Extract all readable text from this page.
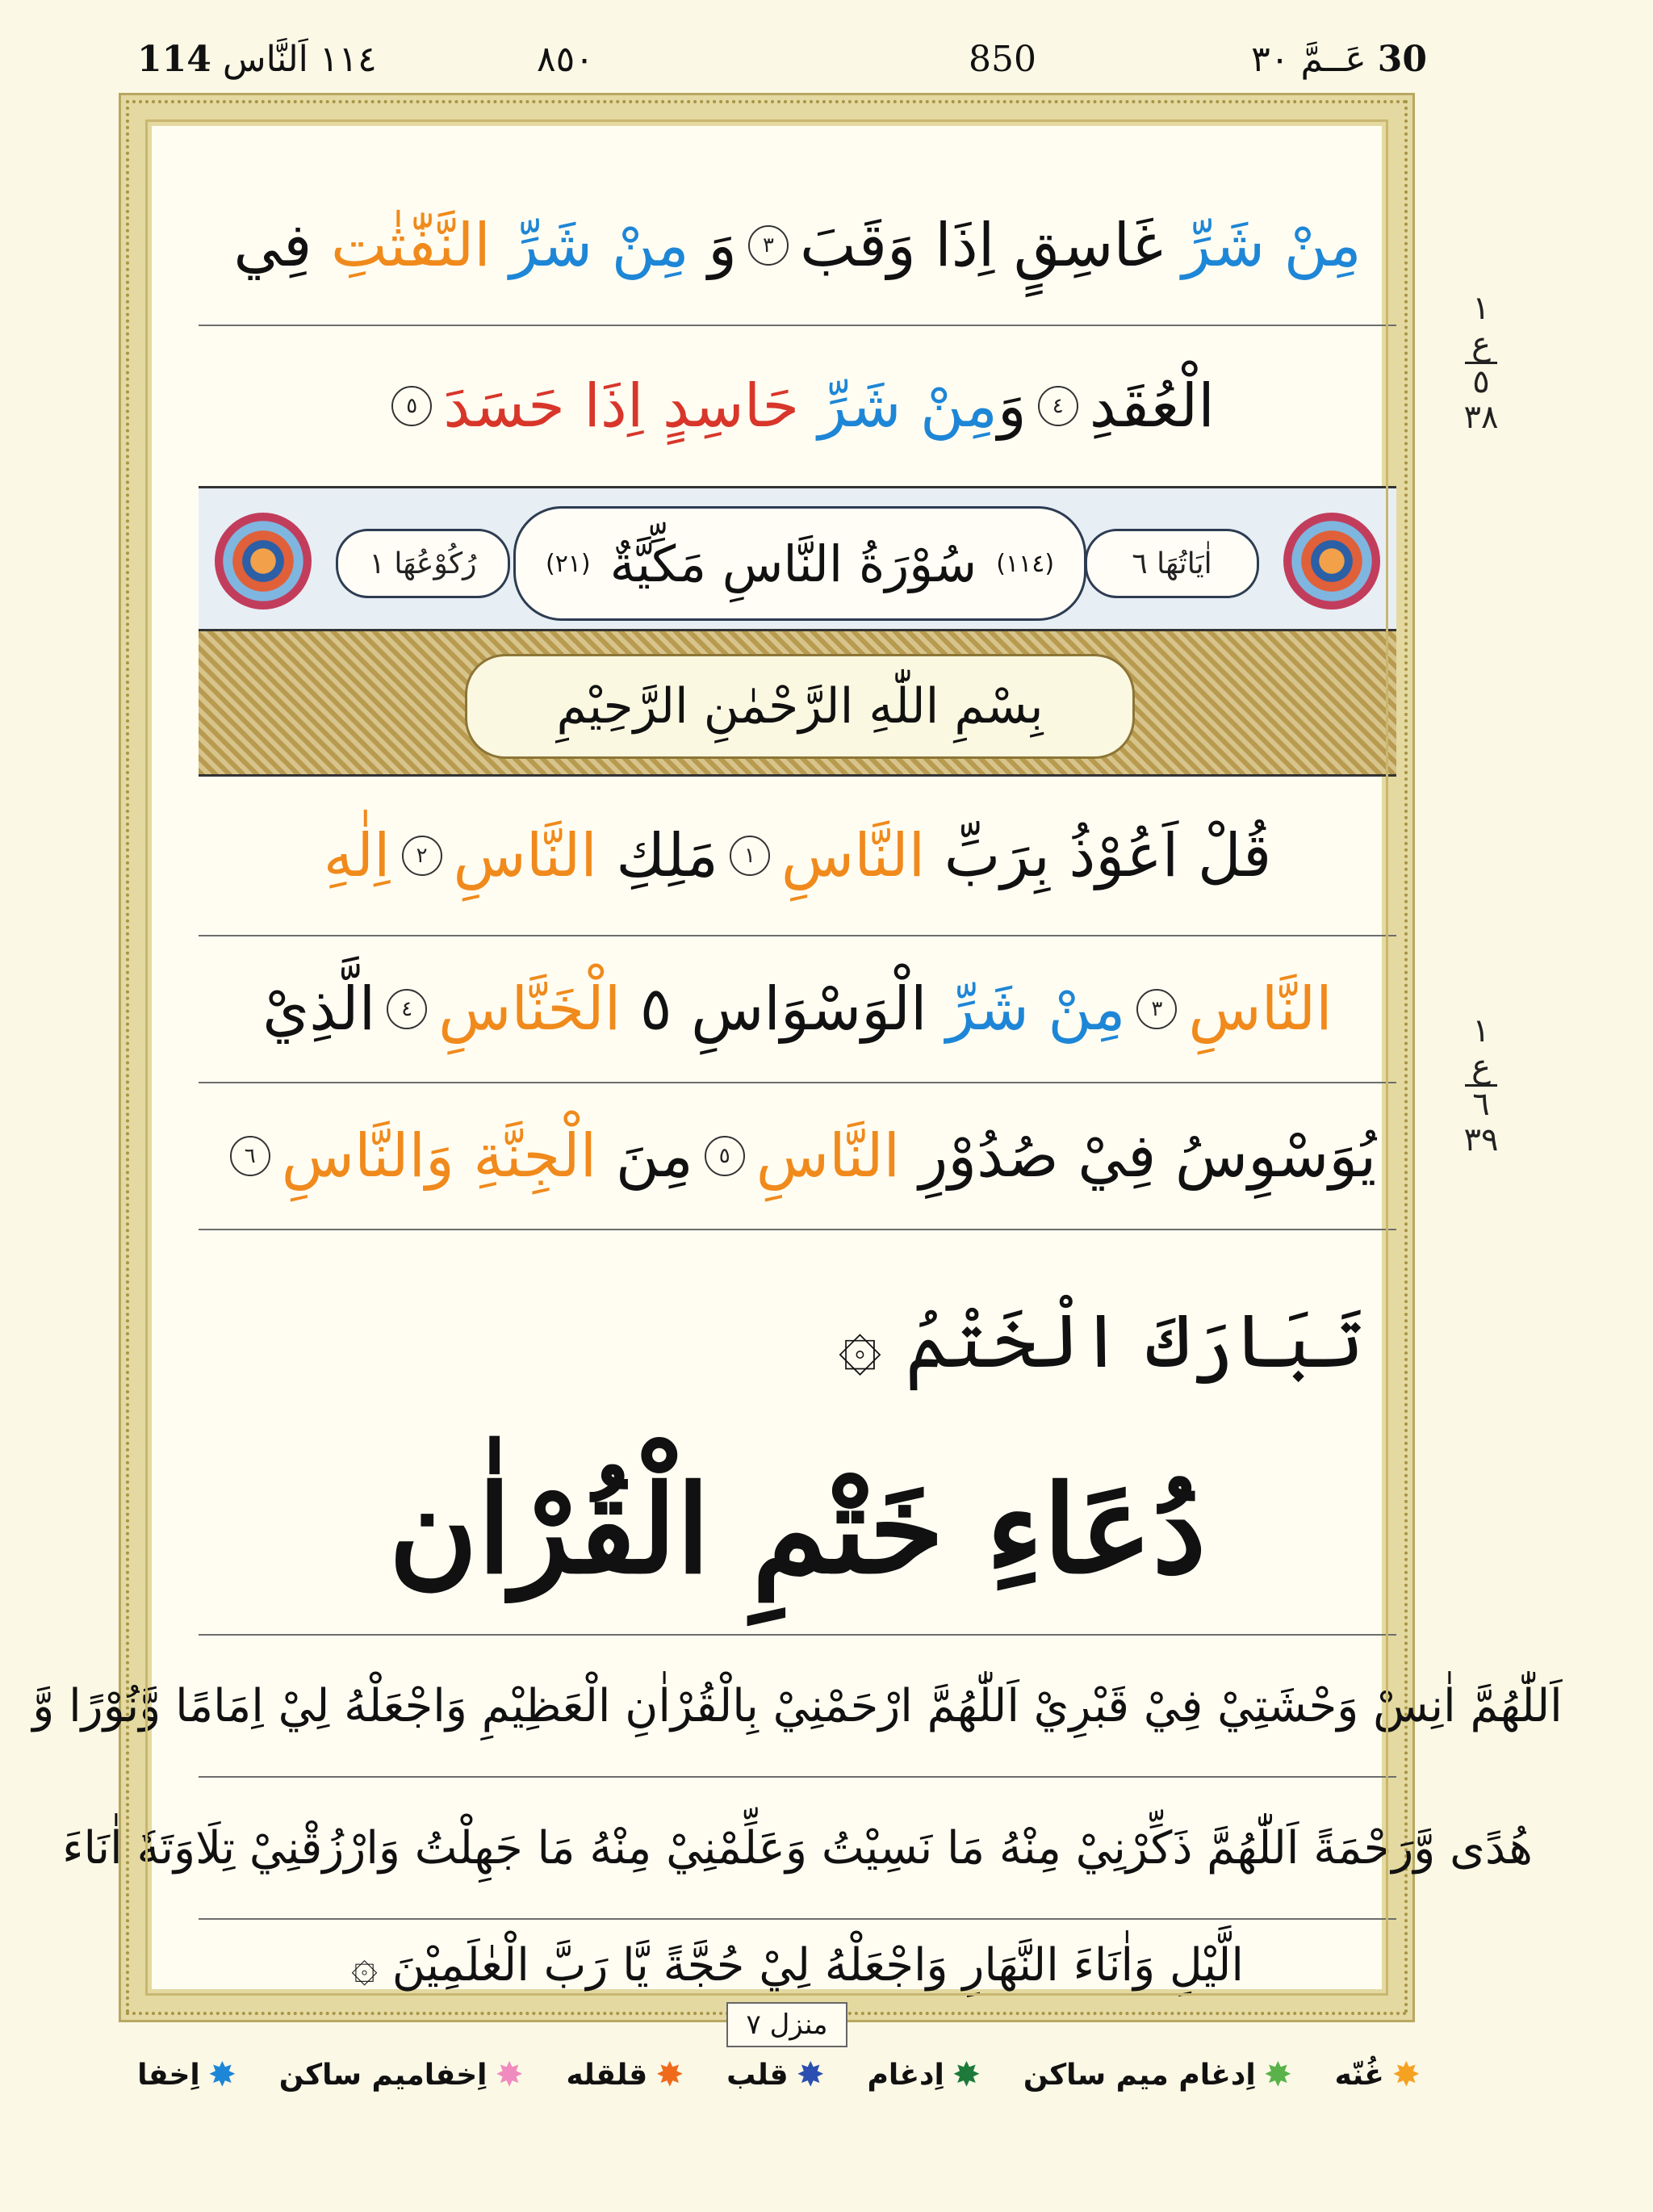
١١٤ اَلنَّاس 114	٨٥٠	850	30 عَــمَّ ٣٠
مِنْ شَرِّ

غَاسِقٍ اِذَا وَقَبَ
٣
وَ

مِنْ شَرِّ

النَّفّٰثٰتِ

فِي
الْعُقَدِ
٤
وَ
مِنْ شَرِّ

حَاسِدٍ اِذَا حَسَدَ
٥
اٰيَاتُهَا ٦
(١١٤)
سُوْرَةُ النَّاسِ مَكِّيَّةٌ
(٢١)
رُكُوْعُهَا ١
بِسْمِ اللّٰهِ الرَّحْمٰنِ الرَّحِيْمِ
قُلْ اَعُوْذُ

بِرَبِّ

النَّاسِ
١
مَلِكِ

النَّاسِ
٢
اِلٰهِ
النَّاسِ
٣
مِنْ شَرِّ

الْوَسْوَاسِ ٥

الْخَنَّاسِ
٤
الَّذِيْ
يُوَسْوِسُ فِيْ صُدُوْرِ

النَّاسِ
٥
مِنَ

الْجِنَّةِ

وَ
النَّاسِ
٦
تَبَارَكَ الْخَتْمُ ۞
دُعَاءِ خَتْمِ الْقُرْاٰن
اَللّٰهُمَّ اٰنِسْ وَحْشَتِيْ فِيْ قَبْرِيْ اَللّٰهُمَّ ارْحَمْنِيْ بِالْقُرْاٰنِ الْعَظِيْمِ وَاجْعَلْهُ لِيْ اِمَامًا وَّنُوْرًا وَّ
هُدًى وَّرَحْمَةً اَللّٰهُمَّ ذَكِّرْنِيْ مِنْهُ مَا نَسِيْتُ وَعَلِّمْنِيْ مِنْهُ مَا جَهِلْتُ وَارْزُقْنِيْ تِلَاوَتَهٗ اٰنَاءَ
الَّيْلِ وَاٰنَاءَ النَّهَارِ وَاجْعَلْهُ لِيْ حُجَّةً يَّا رَبَّ الْعٰلَمِيْنَ ۞
١
ع
٥
٣٨
١
ع
٦
٣٩
منزل ٧
✸
اِخفا	✸
اِخفامیم ساکن	✸
قلقله	✸
قلب	✸
اِدغام	✸
اِدغام میم ساکن	✸
غُنّه
